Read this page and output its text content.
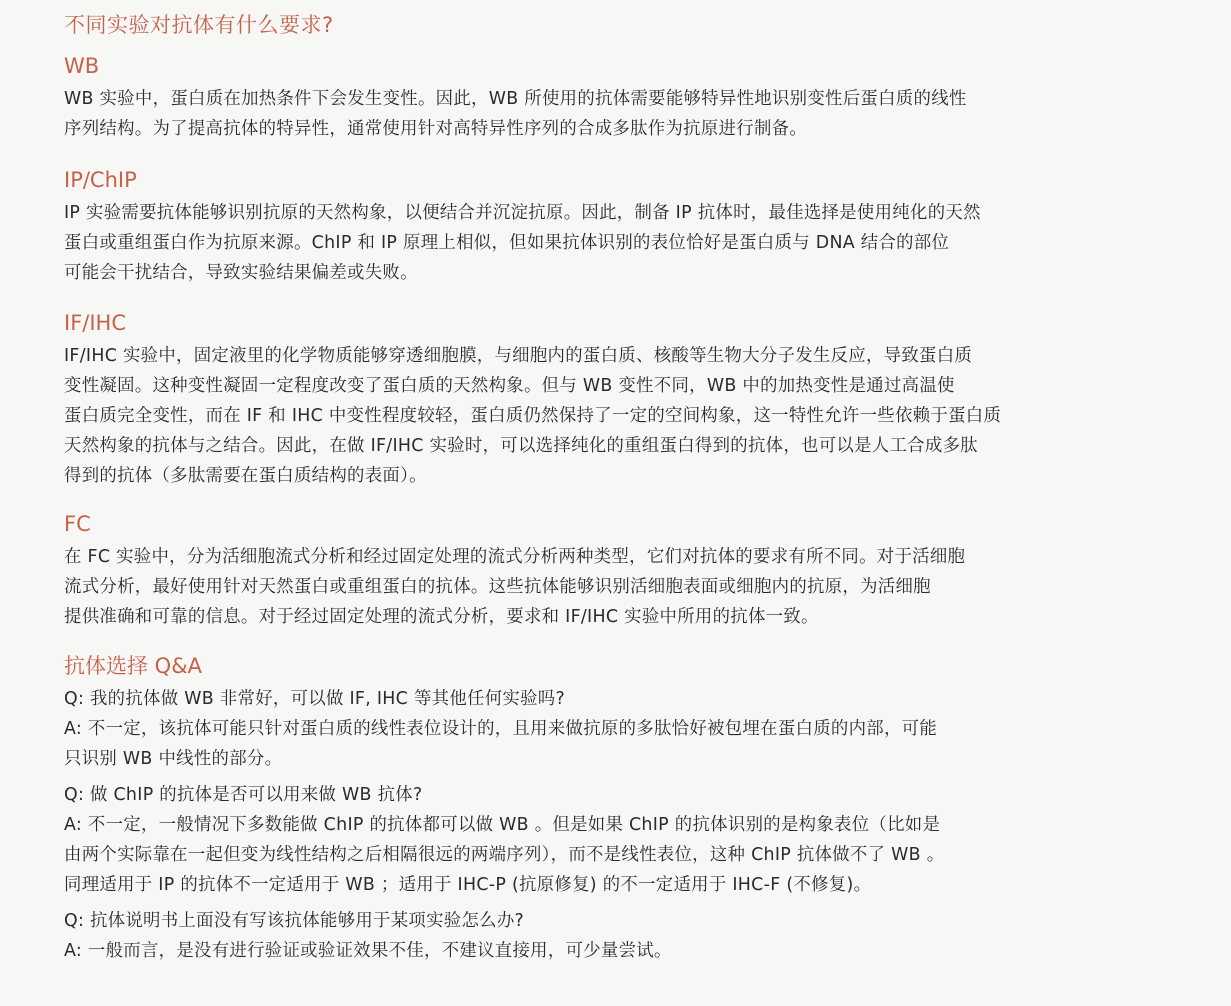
不同实验对抗体有什么要求?
WB

WB 实验中，蛋白质在加热条件下会发生变性。因此，WB 所使用的抗体需要能够特异性地识别变性后蛋白质的线性
序列结构。为了提高抗体的特异性，通常使用针对高特异性序列的合成多肽作为抗原进行制备。

IP/ChIP

IP 实验需要抗体能够识别抗原的天然构象，以便结合并沉淀抗原。因此，制备 IP 抗体时，最佳选择是使用纯化的天然
蛋白或重组蛋白作为抗原来源。ChIP 和 IP 原理上相似，但如果抗体识别的表位恰好是蛋白质与 DNA 结合的部位
可能会干扰结合，导致实验结果偏差或失败。

IF/IHC

IF/IHC 实验中，固定液里的化学物质能够穿透细胞膜，与细胞内的蛋白质、核酸等生物大分子发生反应，导致蛋白质
变性凝固。这种变性凝固一定程度改变了蛋白质的天然构象。但与 WB 变性不同，WB 中的加热变性是通过高温使
蛋白质完全变性，而在 IF 和 IHC 中变性程度较轻，蛋白质仍然保持了一定的空间构象，这一特性允许一些依赖于蛋白质
天然构象的抗体与之结合。因此，在做 IF/IHC 实验时，可以选择纯化的重组蛋白得到的抗体，也可以是人工合成多肽
得到的抗体（多肽需要在蛋白质结构的表面）。

FC

在 FC 实验中，分为活细胞流式分析和经过固定处理的流式分析两种类型，它们对抗体的要求有所不同。对于活细胞
流式分析，最好使用针对天然蛋白或重组蛋白的抗体。这些抗体能够识别活细胞表面或细胞内的抗原，为活细胞
提供准确和可靠的信息。对于经过固定处理的流式分析，要求和 IF/IHC 实验中所用的抗体一致。

抗体选择 Q&A

Q: 我的抗体做 WB 非常好，可以做 IF, IHC 等其他任何实验吗?

A: 不一定，该抗体可能只针对蛋白质的线性表位设计的，且用来做抗原的多肽恰好被包埋在蛋白质的内部，可能

只识别 WB 中线性的部分。

Q: 做 ChIP 的抗体是否可以用来做 WB 抗体?

A: 不一定，一般情况下多数能做 ChIP 的抗体都可以做 WB 。但是如果 ChIP 的抗体识别的是构象表位（比如是

由两个实际靠在一起但变为线性结构之后相隔很远的两端序列），而不是线性表位，这种 ChIP 抗体做不了 WB 。

同理适用于 IP 的抗体不一定适用于 WB ；适用于 IHC-P (抗原修复) 的不一定适用于 IHC-F (不修复)。

Q: 抗体说明书上面没有写该抗体能够用于某项实验怎么办?

A: 一般而言，是没有进行验证或验证效果不佳，不建议直接用，可少量尝试。
